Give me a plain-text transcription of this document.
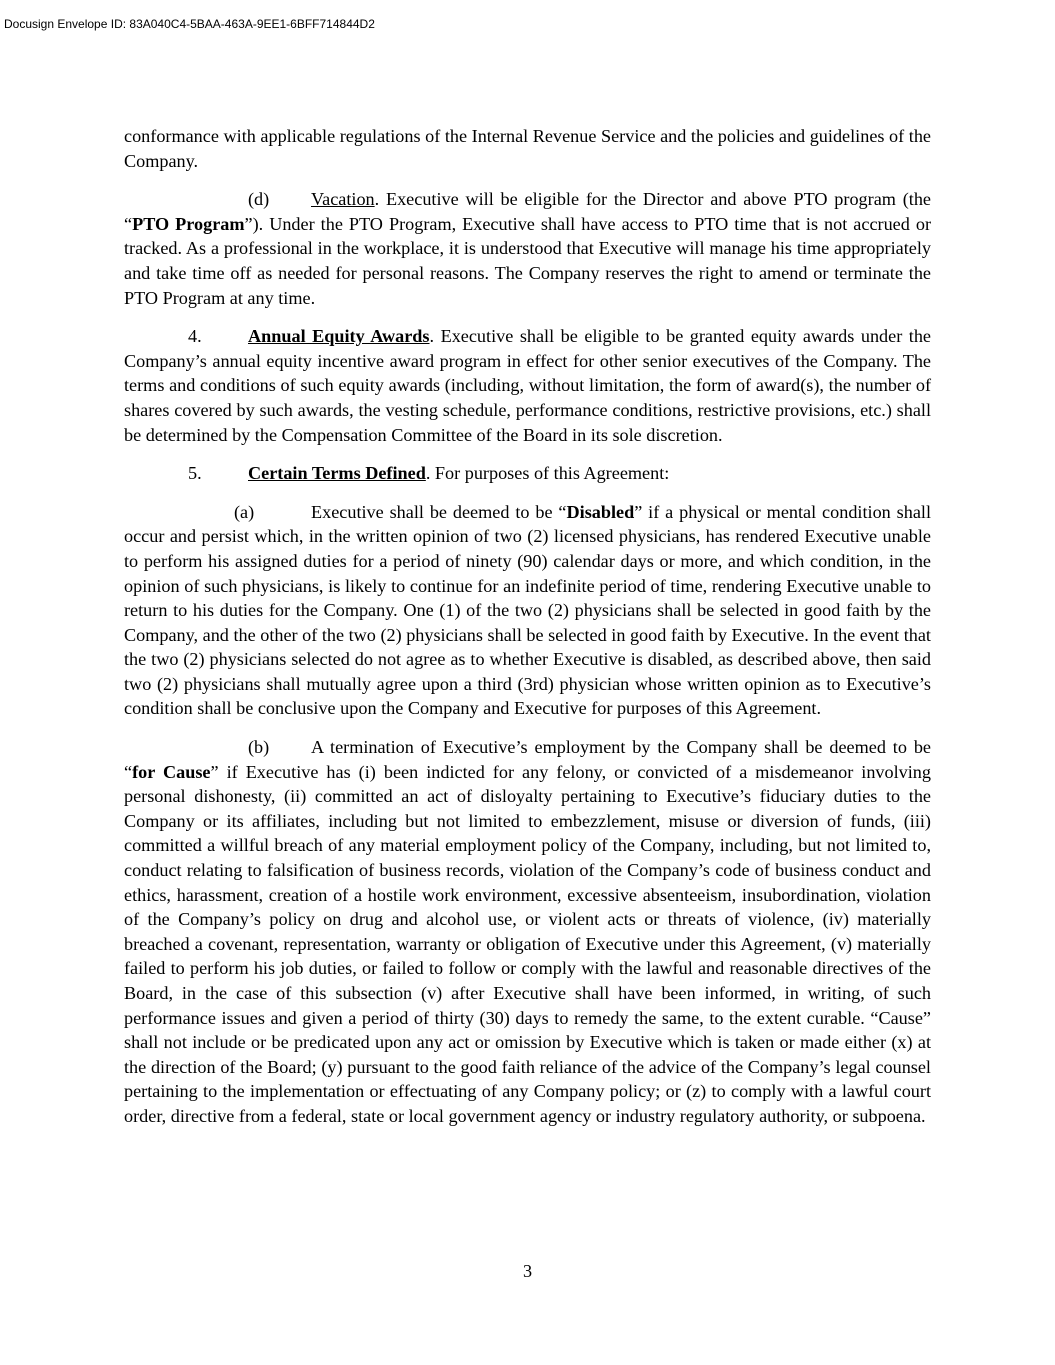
Docusign Envelope ID: 83A040C4-5BAA-463A-9EE1-6BFF714844D2

conformance with applicable regulations of the Internal Revenue Service and the policies and guidelines of the Company.

(d) Vacation. Executive will be eligible for the Director and above PTO program (the “PTO Program”). Under the PTO Program, Executive shall have access to PTO time that is not accrued or tracked. As a professional in the workplace, it is understood that Executive will manage his time appropriately and take time off as needed for personal reasons. The Company reserves the right to amend or terminate the PTO Program at any time.

4.	Annual Equity Awards. Executive shall be eligible to be granted equity awards under the Company’s annual equity incentive award program in effect for other senior executives of the Company. The terms and conditions of such equity awards (including, without limitation, the form of award(s), the number of shares covered by such awards, the vesting schedule, performance conditions, restrictive provisions, etc.) shall be determined by the Compensation Committee of the Board in its sole discretion.

5.	Certain Terms Defined. For purposes of this Agreement:

(a)	Executive shall be deemed to be “Disabled” if a physical or mental condition shall occur and persist which, in the written opinion of two (2) licensed physicians, has rendered Executive unable to perform his assigned duties for a period of ninety (90) calendar days or more, and which condition, in the opinion of such physicians, is likely to continue for an indefinite period of time, rendering Executive unable to return to his duties for the Company. One (1) of the two (2) physicians shall be selected in good faith by the Company, and the other of the two (2) physicians shall be selected in good faith by Executive. In the event that the two (2) physicians selected do not agree as to whether Executive is disabled, as described above, then said two (2) physicians shall mutually agree upon a third (3rd) physician whose written opinion as to Executive’s condition shall be conclusive upon the Company and Executive for purposes of this Agreement.

(b) A termination of Executive’s employment by the Company shall be deemed to be “for Cause” if Executive has (i) been indicted for any felony, or convicted of a misdemeanor involving personal dishonesty, (ii) committed an act of disloyalty pertaining to Executive’s fiduciary duties to the Company or its affiliates, including but not limited to embezzlement, misuse or diversion of funds, (iii) committed a willful breach of any material employment policy of the Company, including, but not limited to, conduct relating to falsification of business records, violation of the Company’s code of business conduct and ethics, harassment, creation of a hostile work environment, excessive absenteeism, insubordination, violation of the Company’s policy on drug and alcohol use, or violent acts or threats of violence, (iv) materially breached a covenant, representation, warranty or obligation of Executive under this Agreement, (v) materially failed to perform his job duties, or failed to follow or comply with the lawful and reasonable directives of the Board, in the case of this subsection (v) after Executive shall have been informed, in writing, of such performance issues and given a period of thirty (30) days to remedy the same, to the extent curable. “Cause” shall not include or be predicated upon any act or omission by Executive which is taken or made either (x) at the direction of the Board; (y) pursuant to the good faith reliance of the advice of the Company’s legal counsel pertaining to the implementation or effectuating of any Company policy; or (z) to comply with a lawful court order, directive from a federal, state or local government agency or industry regulatory authority, or subpoena.

3
